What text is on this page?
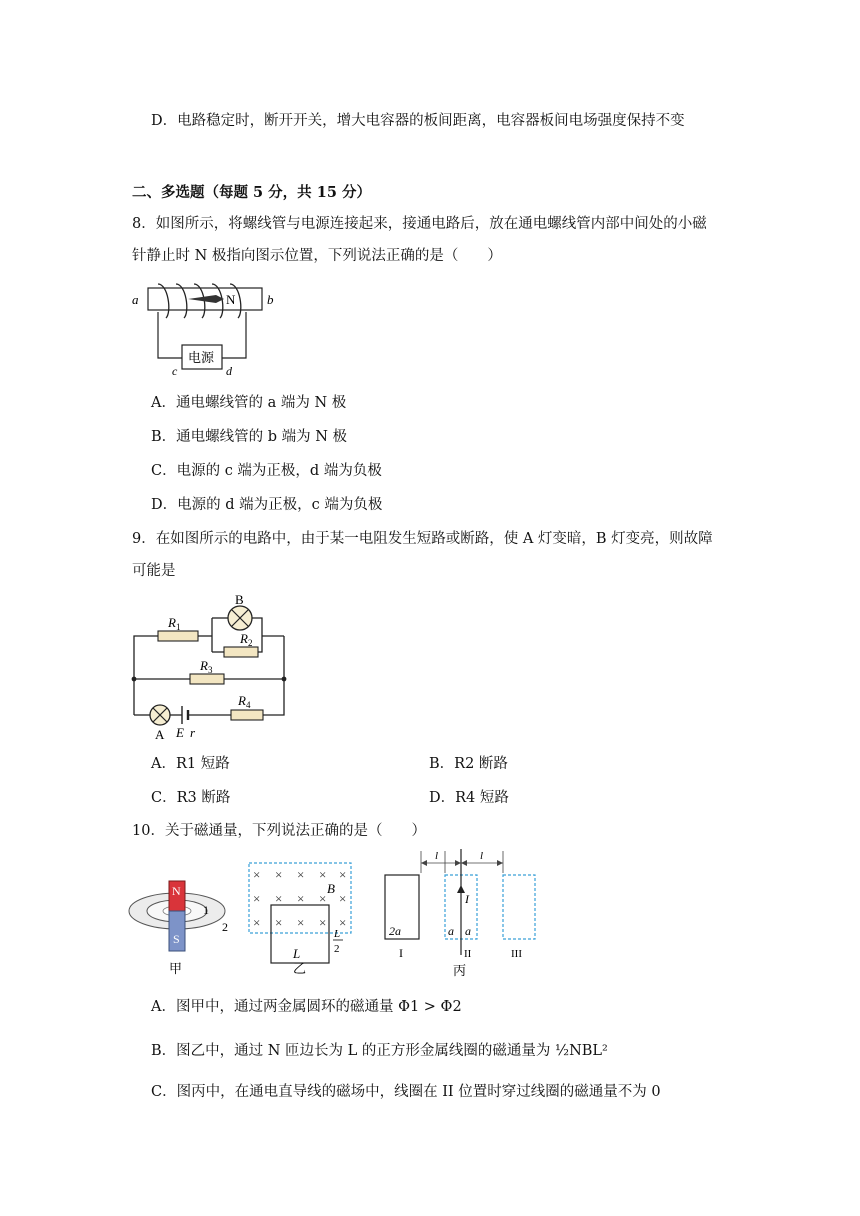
D．电路稳定时，断开开关，增大电容器的板间距离，电容器板间电场强度保持不变
二、多选题（每题 5 分，共 15 分）
8．如图所示，将螺线管与电源连接起来，接通电路后，放在通电螺线管内部中间处的小磁
针静止时 N 极指向图示位置，下列说法正确的是（　　）
N
a	b
电源
c	d
A．通电螺线管的 a 端为 N 极
B．通电螺线管的 b 端为 N 极
C．电源的 c 端为正极，d 端为负极
D．电源的 d 端为正极，c 端为负极
9．在如图所示的电路中，由于某一电阻发生短路或断路，使 A 灯变暗，B 灯变亮，则故障
可能是
$R_1$
$R_2$
B
$R_3$
A E r
$R_4$
A．R1 短路	B．R2 断路
C．R3 断路	D．R4 短路
10．关于磁通量，下列说法正确的是（　　）
N
S
1
2
甲
× × × × ×
× × × × ×
× × × × ×
B
L
L
2
乙
2a
I
I
a a
II	III
l	l
丙
A．图甲中，通过两金属圆环的磁通量 Φ1 > Φ2
B．图乙中，通过 N 匝边长为 L 的正方形金属线圈的磁通量为 ½NBL²
C．图丙中，在通电直导线的磁场中，线圈在 II 位置时穿过线圈的磁通量不为 0
